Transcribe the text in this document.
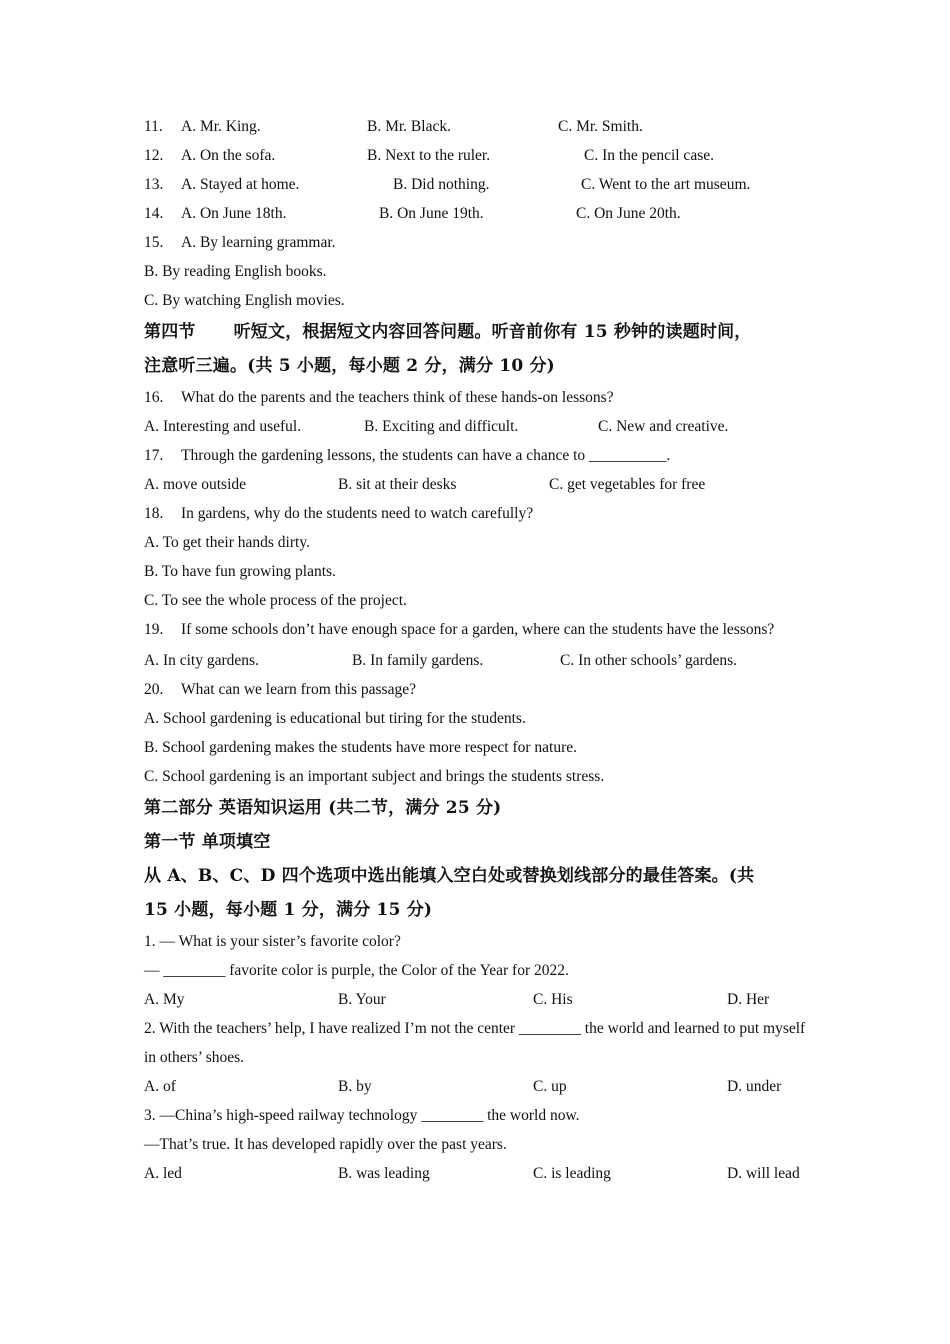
11. A. Mr. King.	B. Mr. Black.	C. Mr. Smith.
12. A. On the sofa.	B. Next to the ruler.	C. In the pencil case.
13. A. Stayed at home.	B. Did nothing.	C. Went to the art museum.
14. A. On June 18th.	B. On June 19th.	C. On June 20th.
15. A. By learning grammar.
B. By reading English books.
C. By watching English movies.
第四节 听短文，根据短文内容回答问题。听音前你有 15 秒钟的读题时间，
注意听三遍。(共 5 小题，每小题 2 分，满分 10 分)
16. What do the parents and the teachers think of these hands-on lessons?
A. Interesting and useful.	B. Exciting and difficult.	C. New and creative.
17. Through the gardening lessons, the students can have a chance to __________.
A. move outside	B. sit at their desks	C. get vegetables for free
18. In gardens, why do the students need to watch carefully?
A. To get their hands dirty.
B. To have fun growing plants.
C. To see the whole process of the project.
19. If some schools don’t have enough space for a garden, where can the students have the lessons?
A. In city gardens.	B. In family gardens.	C. In other schools’ gardens.
20. What can we learn from this passage?
A. School gardening is educational but tiring for the students.
B. School gardening makes the students have more respect for nature.
C. School gardening is an important subject and brings the students stress.
第二部分 英语知识运用 (共二节，满分 25 分)
第一节 单项填空
从 A、B、C、D 四个选项中选出能填入空白处或替换划线部分的最佳答案。(共
15 小题，每小题 1 分，满分 15 分)
1. — What is your sister’s favorite color?
— ________ favorite color is purple, the Color of the Year for 2022.
A. My	B. Your	C. His	D. Her
2. With the teachers’ help, I have realized I’m not the center ________ the world and learned to put myself in others’ shoes.
A. of	B. by	C. up	D. under
3. —China’s high-speed railway technology ________ the world now.
—That’s true. It has developed rapidly over the past years.
A. led	B. was leading	C. is leading	D. will lead
